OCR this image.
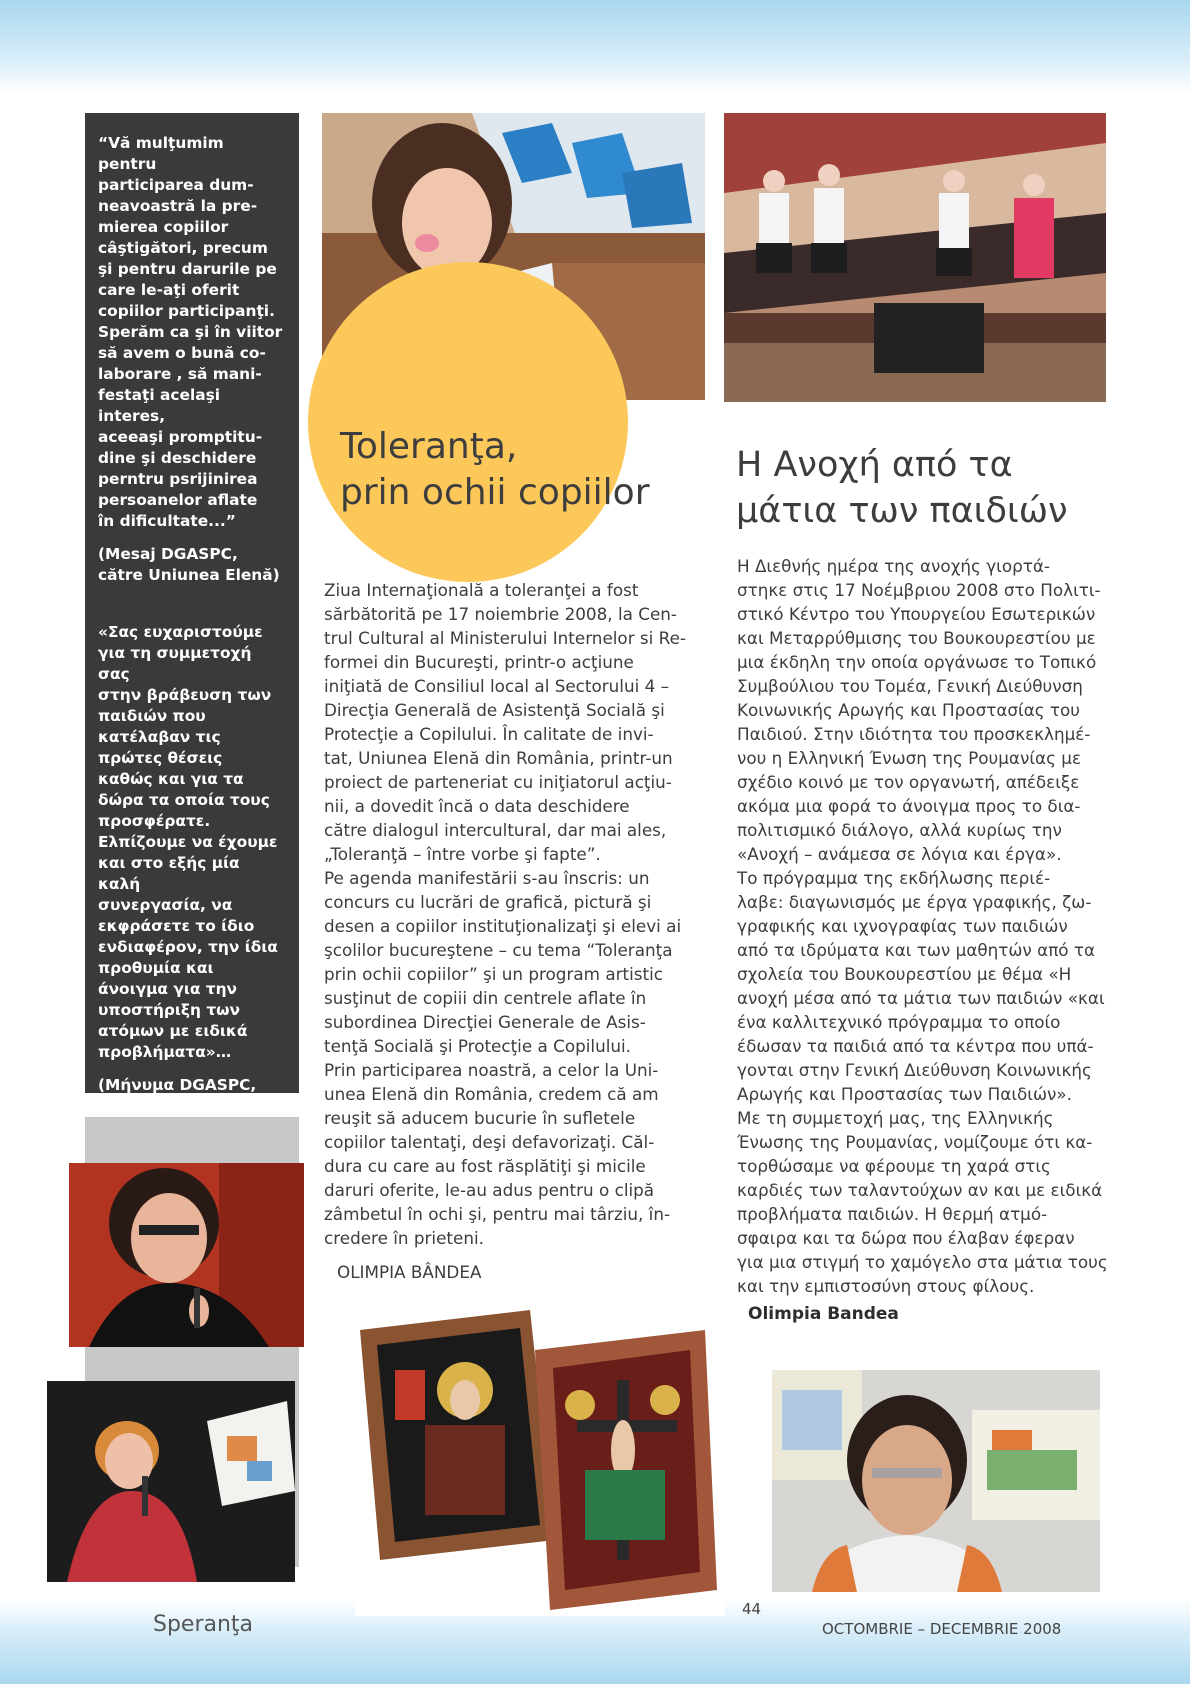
“Vă mulţumim pentru
participarea dum-
neavoastră la pre-
mierea copiilor
câştigători, precum
şi pentru darurile pe
care le-aţi oferit
copiilor participanţi.
Sperăm ca şi în viitor
să avem o bună co-
laborare , să mani-
festaţi acelaşi interes,
aceeaşi promptitu-
dine şi deschidere
perntru psrijinirea
persoanelor aflate
în dificultate...”

(Mesaj DGASPC,
către Uniunea Elenă)

«Σας ευχαριστούμε
για τη συμμετοχή σας
στην βράβευση των
παιδιών που
κατέλαβαν τις
πρώτες θέσεις
καθώς και για τα
δώρα τα οποία τους
προσφέρατε.
Ελπίζουμε να έχουμε
και στο εξής μία καλή
συνεργασία, να
εκφράσετε το ίδιο
ενδιαφέρον, την ίδια
προθυμία και
άνοιγμα για την
υποστήριξη των
ατόμων με ειδικά
προβλήματα»…

(Μήνυμα DGASPC,
προς την Ελληνική

Toleranţa,
prin ochii copiilor
Η Ανοχή από τα
μάτια των παιδιών
Ziua Internaţională a toleranţei a fost
sărbătorită pe 17 noiembrie 2008, la Cen-
trul Cultural al Ministerului Internelor si Re-
formei din Bucureşti, printr-o acţiune
iniţiată de Consiliul local al Sectorului 4 –
Direcţia Generală de Asistenţă Socială şi
Protecţie a Copilului. În calitate de invi-
tat, Uniunea Elenă din România, printr-un
proiect de parteneriat cu iniţiatorul acţiu-
nii, a dovedit încă o data deschidere
către dialogul intercultural, dar mai ales,
„Toleranţă – între vorbe şi fapte”.
Pe agenda manifestării s-au înscris: un
concurs cu lucrări de grafică, pictură şi
desen a copiilor instituţionalizaţi şi elevi ai
şcolilor bucureştene – cu tema “Toleranţa
prin ochii copiilor” şi un program artistic
susţinut de copiii din centrele aflate în
subordinea Direcţiei Generale de Asis-
tenţă Socială şi Protecţie a Copilului.
Prin participarea noastră, a celor la Uni-
unea Elenă din România, credem că am
reuşit să aducem bucurie în sufletele
copiilor talentaţi, deşi defavorizaţi. Căl-
dura cu care au fost răsplătiţi şi micile
daruri oferite, le-au adus pentru o clipă
zâmbetul în ochi şi, pentru mai târziu, în-
credere în prieteni.
OLIMPIA BÂNDEA
Η Διεθνής ημέρα της ανοχής γιορτά-
στηκε στις 17 Νοέμβριου 2008 στο Πολιτι-
στικό Κέντρο του Υπουργείου Εσωτερικών
και Μεταρρύθμισης του Βουκουρεστίου με
μια έκδηλη την οποία οργάνωσε το Τοπικό
Συμβούλιου του Τομέα, Γενική Διεύθυνση
Κοινωνικής Αρωγής και Προστασίας του
Παιδιού. Στην ιδιότητα του προσκεκλημέ-
νου η Ελληνική Ένωση της Ρουμανίας με
σχέδιο κοινό με τον οργανωτή, απέδειξε
ακόμα μια φορά το άνοιγμα προς το δια-
πολιτισμικό διάλογο, αλλά κυρίως την
«Ανοχή – ανάμεσα σε λόγια και έργα».
Το πρόγραμμα της εκδήλωσης περιέ-
λαβε: διαγωνισμός με έργα γραφικής, ζω-
γραφικής και ιχνογραφίας των παιδιών
από τα ιδρύματα και των μαθητών από τα
σχολεία του Βουκουρεστίου με θέμα «Η
ανοχή μέσα από τα μάτια των παιδιών «και
ένα καλλιτεχνικό πρόγραμμα το οποίο
έδωσαν τα παιδιά από τα κέντρα που υπά-
γονται στην Γενική Διεύθυνση Κοινωνικής
Αρωγής και Προστασίας των Παιδιών».
Με τη συμμετοχή μας, της Ελληνικής
Ένωσης της Ρουμανίας, νομίζουμε ότι κα-
τορθώσαμε να φέρουμε τη χαρά στις
καρδιές των ταλαντούχων αν και με ειδικά
προβλήματα παιδιών. Η θερμή ατμό-
σφαιρα και τα δώρα που έλαβαν έφεραν
για μια στιγμή το χαμόγελο στα μάτια τους
και την εμπιστοσύνη στους φίλους.
Olimpia Bandea
Speranţa
44
OCTOMBRIE – DECEMBRIE 2008
